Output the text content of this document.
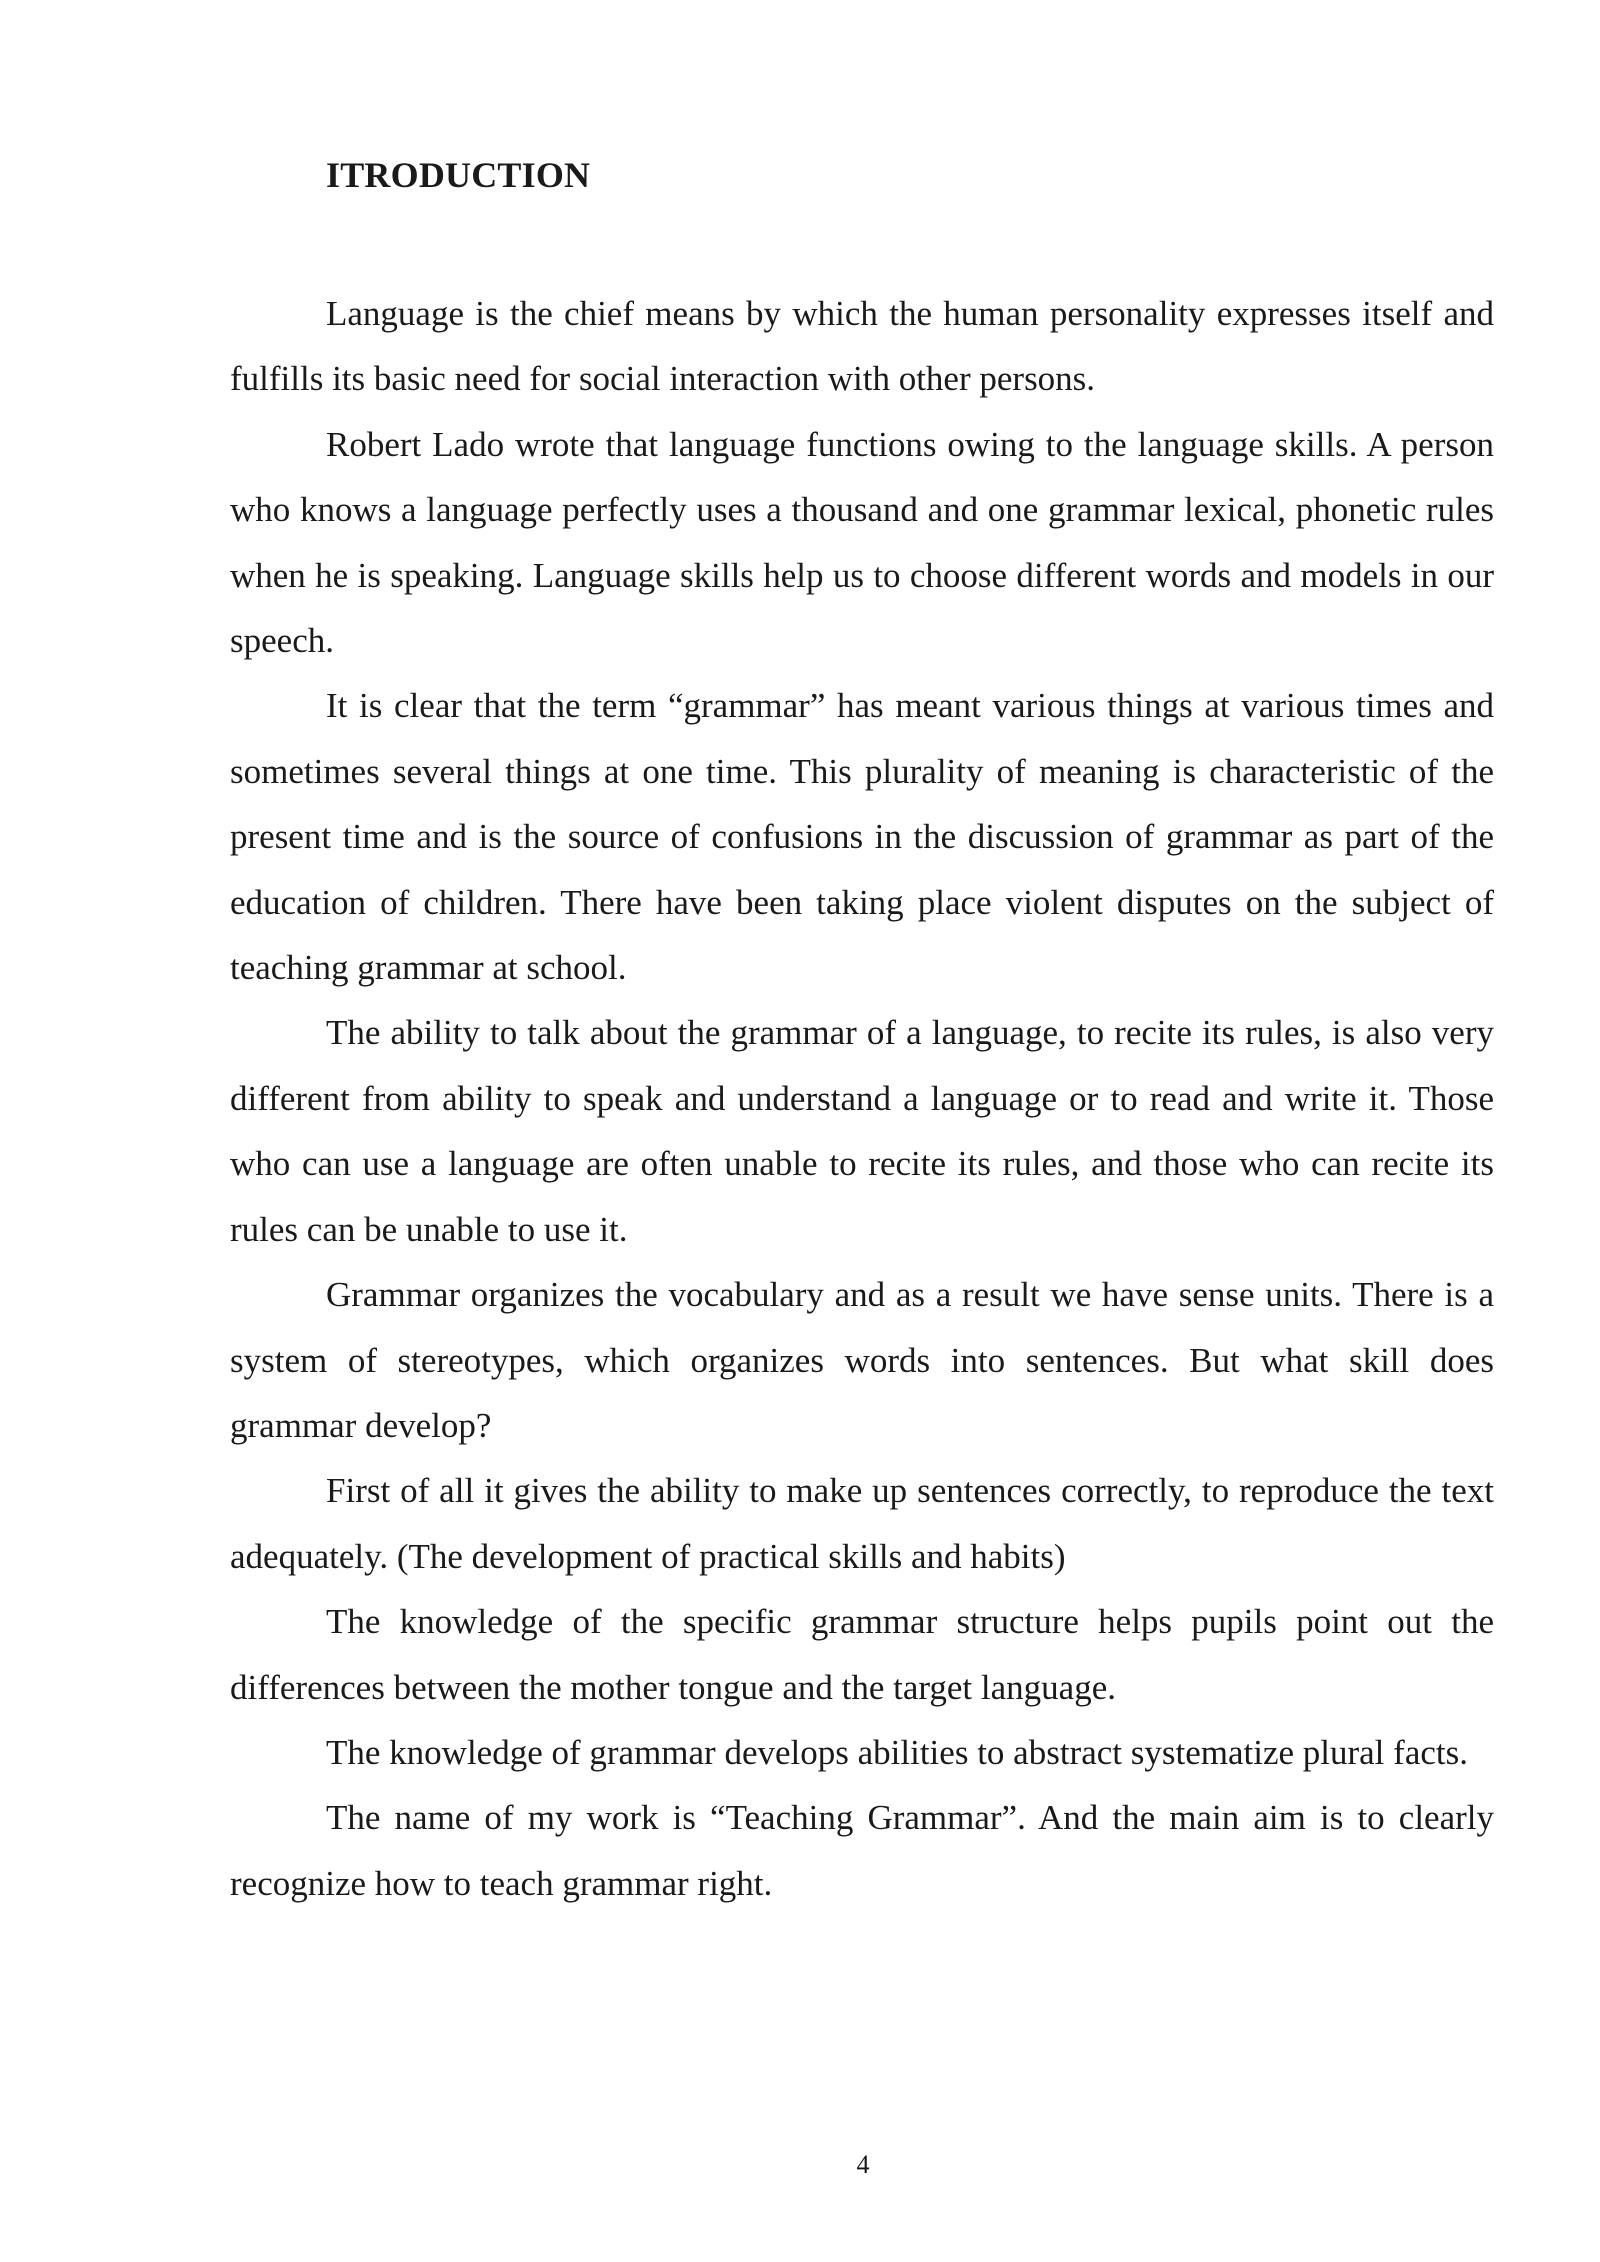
ITRODUCTION

Language is the chief means by which the human personality expresses itself and fulfills its basic need for social interaction with other persons.

Robert Lado wrote that language functions owing to the language skills. A person who knows a language perfectly uses a thousand and one grammar lexical, phonetic rules when he is speaking. Language skills help us to choose different words and models in our speech.

It is clear that the term “grammar” has meant various things at various times and sometimes several things at one time. This plurality of meaning is characteristic of the present time and is the source of confusions in the discussion of grammar as part of the education of children. There have been taking place violent disputes on the subject of teaching grammar at school.

The ability to talk about the grammar of a language, to recite its rules, is also very different from ability to speak and understand a language or to read and write it. Those who can use a language are often unable to recite its rules, and those who can recite its rules can be unable to use it.

Grammar organizes the vocabulary and as a result we have sense units. There is a system of stereotypes, which organizes words into sentences. But what skill does grammar develop?

First of all it gives the ability to make up sentences correctly, to reproduce the text adequately. (The development of practical skills and habits)

The knowledge of the specific grammar structure helps pupils point out the differences between the mother tongue and the target language.

The knowledge of grammar develops abilities to abstract systematize plural facts.

The name of my work is “Teaching Grammar”. And the main aim is to clearly recognize how to teach grammar right.

4
